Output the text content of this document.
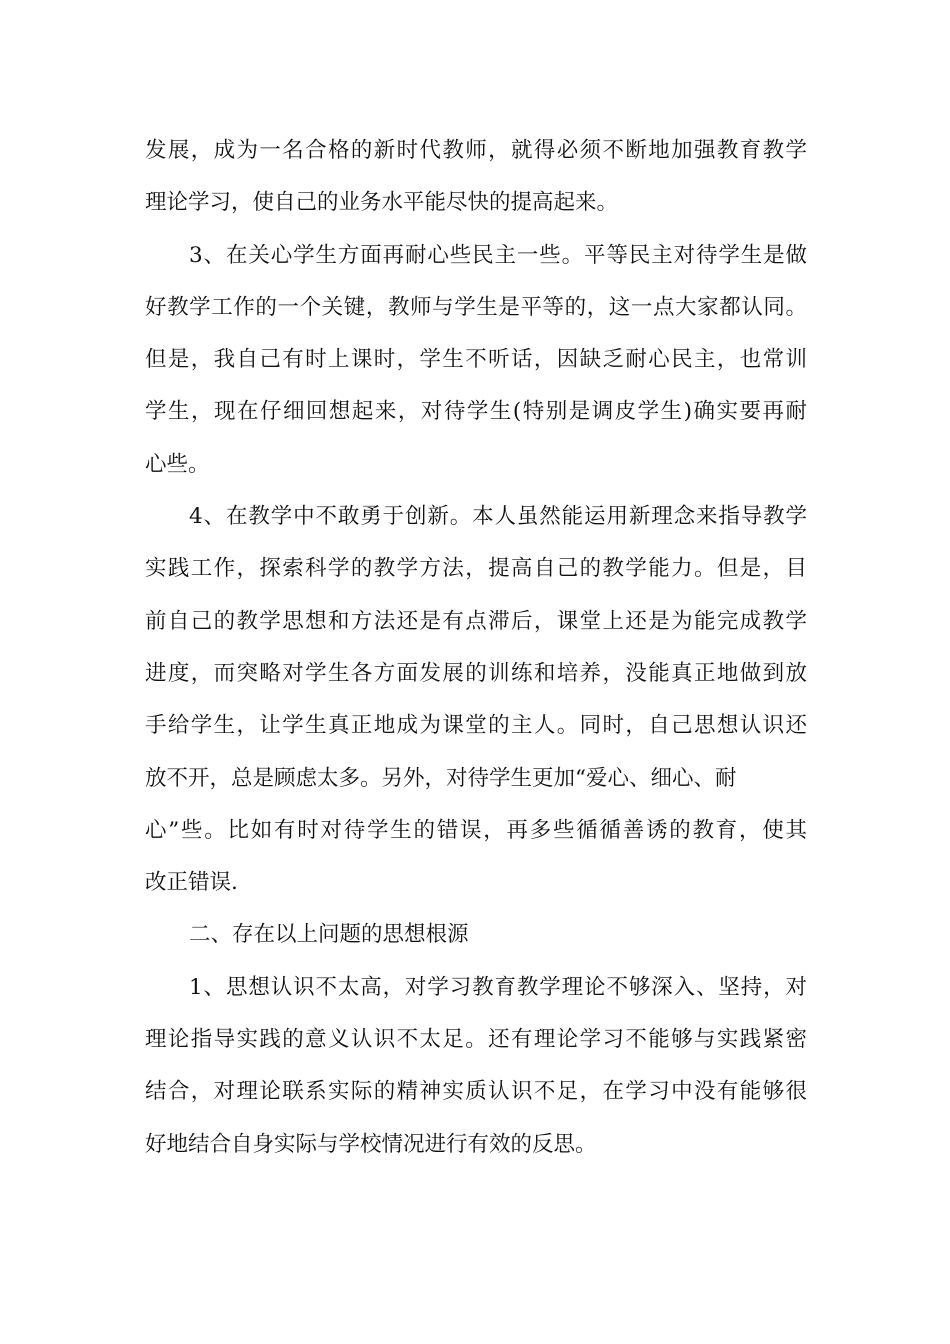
发展，成为一名合格的新时代教师，就得必须不断地加强教育教学
理论学习，使自己的业务水平能尽快的提高起来。
3、在关心学生方面再耐心些民主一些。平等民主对待学生是做
好教学工作的一个关键，教师与学生是平等的，这一点大家都认同。
但是，我自己有时上课时，学生不听话，因缺乏耐心民主，也常训
学生，现在仔细回想起来，对待学生(特别是调皮学生)确实要再耐
心些。
4、在教学中不敢勇于创新。本人虽然能运用新理念来指导教学
实践工作，探索科学的教学方法，提高自己的教学能力。但是，目
前自己的教学思想和方法还是有点滞后，课堂上还是为能完成教学
进度，而突略对学生各方面发展的训练和培养，没能真正地做到放
手给学生，让学生真正地成为课堂的主人。同时，自己思想认识还
放不开，总是顾虑太多。另外，对待学生更加“爱心、细心、耐
心”些。比如有时对待学生的错误，再多些循循善诱的教育，使其
改正错误.
二、存在以上问题的思想根源
1、思想认识不太高，对学习教育教学理论不够深入、坚持，对
理论指导实践的意义认识不太足。还有理论学习不能够与实践紧密
结合，对理论联系实际的精神实质认识不足，在学习中没有能够很
好地结合自身实际与学校情况进行有效的反思。
